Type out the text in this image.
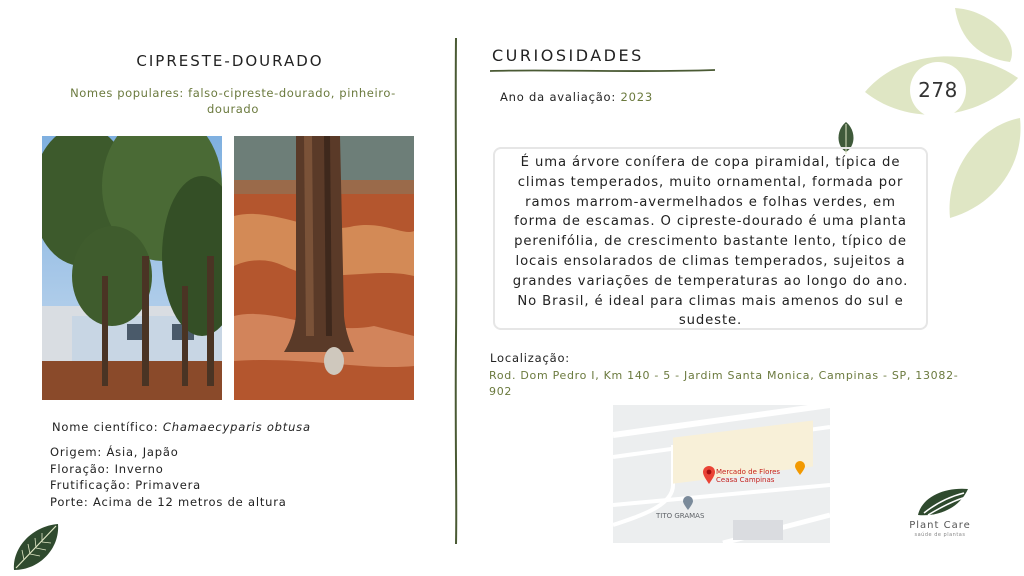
278
CIPRESTE-DOURADO
Nomes populares: falso-cipreste-dourado, pinheiro-dourado
Nome científico: Chamaecyparis obtusa
Origem: Ásia, Japão
Floração: Inverno
Frutificação: Primavera
Porte: Acima de 12 metros de altura
CURIOSIDADES
Ano da avaliação: 2023
É uma árvore conífera de copa piramidal, típica de climas temperados, muito ornamental, formada por ramos marrom-avermelhados e folhas verdes, em forma de escamas. O cipreste-dourado é uma planta perenifólia, de crescimento bastante lento, típico de locais ensolarados de climas temperados, sujeitos a grandes variações de temperaturas ao longo do ano. No Brasil, é ideal para climas mais amenos do sul e sudeste.
Localização:
Rod. Dom Pedro I, Km 140 - 5 - Jardim Santa Monica, Campinas - SP, 13082-902
Mercado de Flores
Ceasa Campinas
TITO GRAMAS
Plant Care
saúde de plantas
